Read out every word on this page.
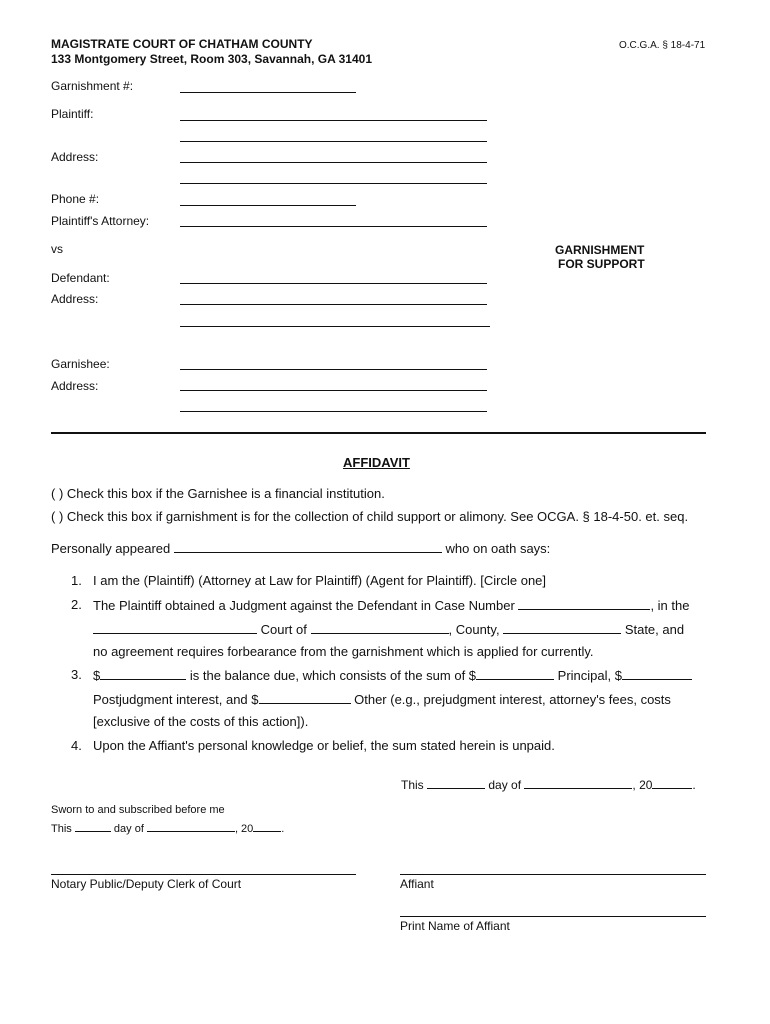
MAGISTRATE COURT OF CHATHAM COUNTY
133 Montgomery Street, Room 303, Savannah, GA 31401
O.C.G.A. § 18-4-71
Garnishment #:
Plaintiff:
Address:
Phone #:
Plaintiff's Attorney:
vs	GARNISHMENT
FOR SUPPORT
Defendant:
Address:
Garnishee:
Address:
AFFIDAVIT
( ) Check this box if the Garnishee is a financial institution.
( ) Check this box if garnishment is for the collection of child support or alimony. See OCGA. § 18-4-50. et. seq.
Personally appeared	who on oath says:
1. I am the (Plaintiff) (Attorney at Law for Plaintiff) (Agent for Plaintiff). [Circle one]
2. The Plaintiff obtained a Judgment against the Defendant in Case Number	, in the
Court of	, County,	State, and
no agreement requires forbearance from the garnishment which is applied for currently.
3. $	is the balance due, which consists of the sum of $	Principal, $
Postjudgment interest, and $	Other (e.g., prejudgment interest, attorney's fees, costs
[exclusive of the costs of this action]).
4. Upon the Affiant's personal knowledge or belief, the sum stated herein is unpaid.
This	day of	, 20	.
Sworn to and subscribed before me
This	day of	, 20	.
Notary Public/Deputy Clerk of Court	Affiant
Print Name of Affiant
